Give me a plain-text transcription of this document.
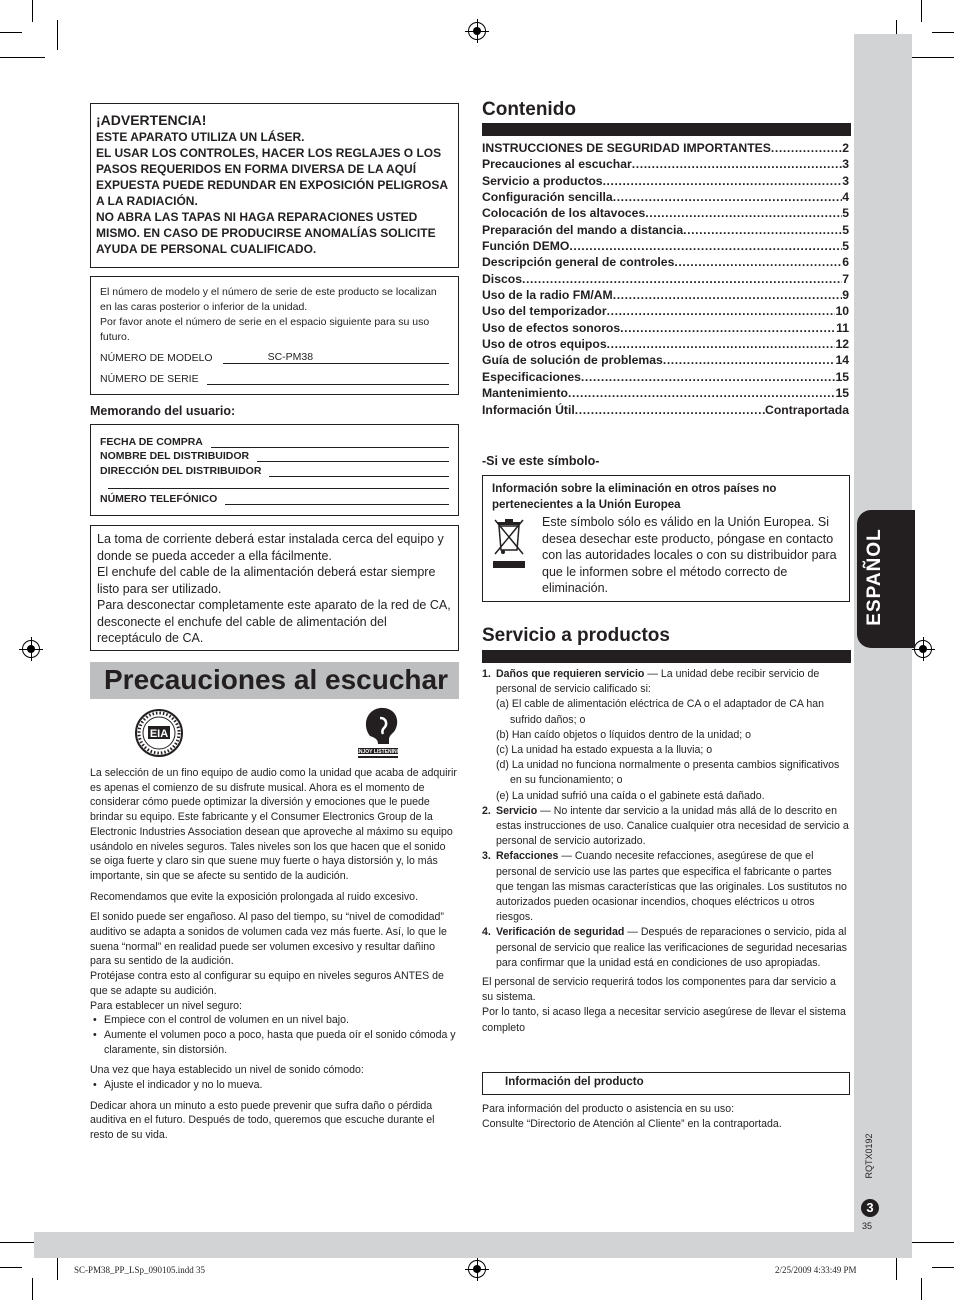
ESPAÑOL
RQTX0192
3
35
SC-PM38_PP_LSp_090105.indd 35	2/25/2009 4:33:49 PM
¡ADVERTENCIA!

ESTE APARATO UTILIZA UN LÁSER.

EL USAR LOS CONTROLES, HACER LOS REGLAJES O LOS PASOS REQUERIDOS EN FORMA DIVERSA DE LA AQUÍ EXPUESTA PUEDE REDUNDAR EN EXPOSICIÓN PELIGROSA A LA RADIACIÓN.

NO ABRA LAS TAPAS NI HAGA REPARACIONES USTED MISMO. EN CASO DE PRODUCIRSE ANOMALÍAS SOLICITE AYUDA DE PERSONAL CUALIFICADO.

El número de modelo y el número de serie de este producto se localizan en las caras posterior o inferior de la unidad.
Por favor anote el número de serie en el espacio siguiente para su uso futuro.
NÚMERO DE MODELO	SC-PM38
NÚMERO DE SERIE
Memorando del usuario:
FECHA DE COMPRA
NOMBRE DEL DISTRIBUIDOR
DIRECCIÓN DEL DISTRIBUIDOR
NÚMERO TELEFÓNICO
La toma de corriente deberá estar instalada cerca del equipo y donde se pueda acceder a ella fácilmente.
El enchufe del cable de la alimentación deberá estar siempre listo para ser utilizado.
Para desconectar completamente este aparato de la red de CA, desconecte el enchufe del cable de alimentación del receptáculo de CA.
Precauciones al escuchar
EIA
ENJOY LISTENING
La selección de un fino equipo de audio como la unidad que acaba de adquirir es apenas el comienzo de su disfrute musical. Ahora es el momento de considerar cómo puede optimizar la diversión y emociones que le puede brindar su equipo. Este fabricante y el Consumer Electronics Group de la Electronic Industries Association desean que aproveche al máximo su equipo usándolo en niveles seguros. Tales niveles son los que hacen que el sonido se oiga fuerte y claro sin que suene muy fuerte o haya distorsión y, lo más importante, sin que se afecte su sentido de la audición.
Recomendamos que evite la exposición prolongada al ruido excesivo.
El sonido puede ser engañoso. Al paso del tiempo, su “nivel de comodidad” auditivo se adapta a sonidos de volumen cada vez más fuerte. Así, lo que le suena “normal” en realidad puede ser volumen excesivo y resultar dañino para su sentido de la audición.
Protéjase contra esto al configurar su equipo en niveles seguros ANTES de que se adapte su audición.
Para establecer un nivel seguro:
• Empiece con el control de volumen en un nivel bajo.
• Aumente el volumen poco a poco, hasta que pueda oír el sonido cómoda y claramente, sin distorsión.
Una vez que haya establecido un nivel de sonido cómodo:
• Ajuste el indicador y no lo mueva.
Dedicar ahora un minuto a esto puede prevenir que sufra daño o pérdida auditiva en el futuro. Después de todo, queremos que escuche durante el resto de su vida.
Contenido
INSTRUCCIONES DE SEGURIDAD IMPORTANTES .....	2
Precauciones al escuchar .....	3
Servicio a productos .....	3
Configuración sencilla .....	4
Colocación de los altavoces .....	5
Preparación del mando a distancia .....	5
Función DEMO .....	5
Descripción general de controles .....	6
Discos .....	7
Uso de la radio FM/AM .....	9
Uso del temporizador .....	10
Uso de efectos sonoros .....	11
Uso de otros equipos .....	12
Guía de solución de problemas .....	14
Especificaciones .....	15
Mantenimiento .....	15
Información Útil .....	Contraportada
-Si ve este símbolo-
Información sobre la eliminación en otros países no pertenecientes a la Unión Europea
Este símbolo sólo es válido en la Unión Europea. Si desea desechar este producto, póngase en contacto con las autoridades locales o con su distribuidor para que le informen sobre el método correcto de eliminación.
Servicio a productos
1. Daños que requieren servicio — La unidad debe recibir servicio de personal de servicio calificado si:
(a) El cable de alimentación eléctrica de CA o el adaptador de CA han sufrido daños; o
(b) Han caído objetos o líquidos dentro de la unidad; o
(c) La unidad ha estado expuesta a la lluvia; o
(d) La unidad no funciona normalmente o presenta cambios significativos en su funcionamiento; o
(e) La unidad sufrió una caída o el gabinete está dañado.
2. Servicio — No intente dar servicio a la unidad más allá de lo descrito en estas instrucciones de uso. Canalice cualquier otra necesidad de servicio a personal de servicio autorizado.
3. Refacciones — Cuando necesite refacciones, asegúrese de que el personal de servicio use las partes que especifica el fabricante o partes que tengan las mismas características que las originales. Los sustitutos no autorizados pueden ocasionar incendios, choques eléctricos u otros riesgos.
4. Verificación de seguridad — Después de reparaciones o servicio, pida al personal de servicio que realice las verificaciones de seguridad necesarias para confirmar que la unidad está en condiciones de uso apropiadas.
El personal de servicio requerirá todos los componentes para dar servicio a su sistema.
Por lo tanto, si acaso llega a necesitar servicio asegúrese de llevar el sistema completo
Información del producto
Para información del producto o asistencia en su uso:
Consulte “Directorio de Atención al Cliente” en la contraportada.
